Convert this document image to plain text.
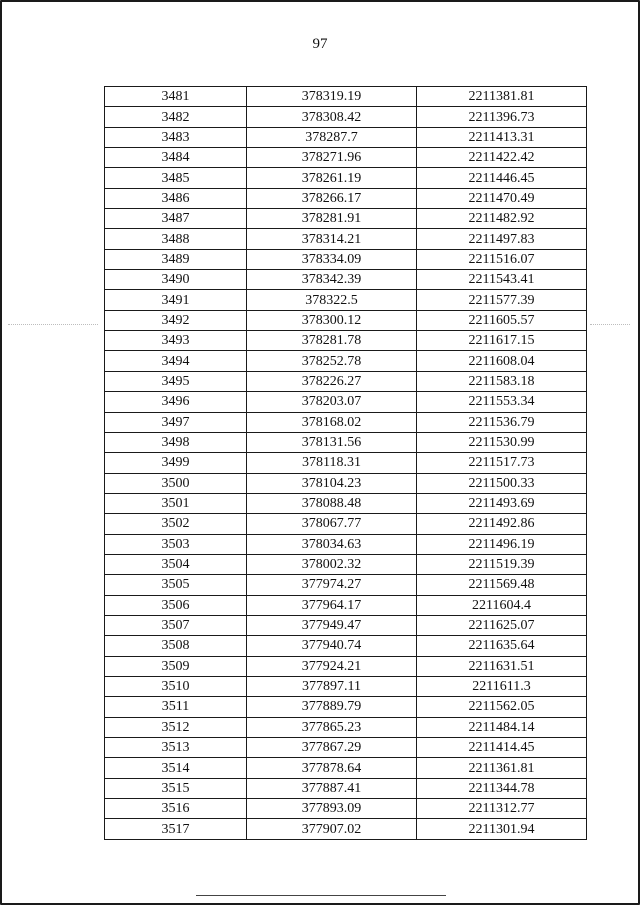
97
3481	378319.19	2211381.81
3482	378308.42	2211396.73
3483	378287.7	2211413.31
3484	378271.96	2211422.42
3485	378261.19	2211446.45
3486	378266.17	2211470.49
3487	378281.91	2211482.92
3488	378314.21	2211497.83
3489	378334.09	2211516.07
3490	378342.39	2211543.41
3491	378322.5	2211577.39
3492	378300.12	2211605.57
3493	378281.78	2211617.15
3494	378252.78	2211608.04
3495	378226.27	2211583.18
3496	378203.07	2211553.34
3497	378168.02	2211536.79
3498	378131.56	2211530.99
3499	378118.31	2211517.73
3500	378104.23	2211500.33
3501	378088.48	2211493.69
3502	378067.77	2211492.86
3503	378034.63	2211496.19
3504	378002.32	2211519.39
3505	377974.27	2211569.48
3506	377964.17	2211604.4
3507	377949.47	2211625.07
3508	377940.74	2211635.64
3509	377924.21	2211631.51
3510	377897.11	2211611.3
3511	377889.79	2211562.05
3512	377865.23	2211484.14
3513	377867.29	2211414.45
3514	377878.64	2211361.81
3515	377887.41	2211344.78
3516	377893.09	2211312.77
3517	377907.02	2211301.94
